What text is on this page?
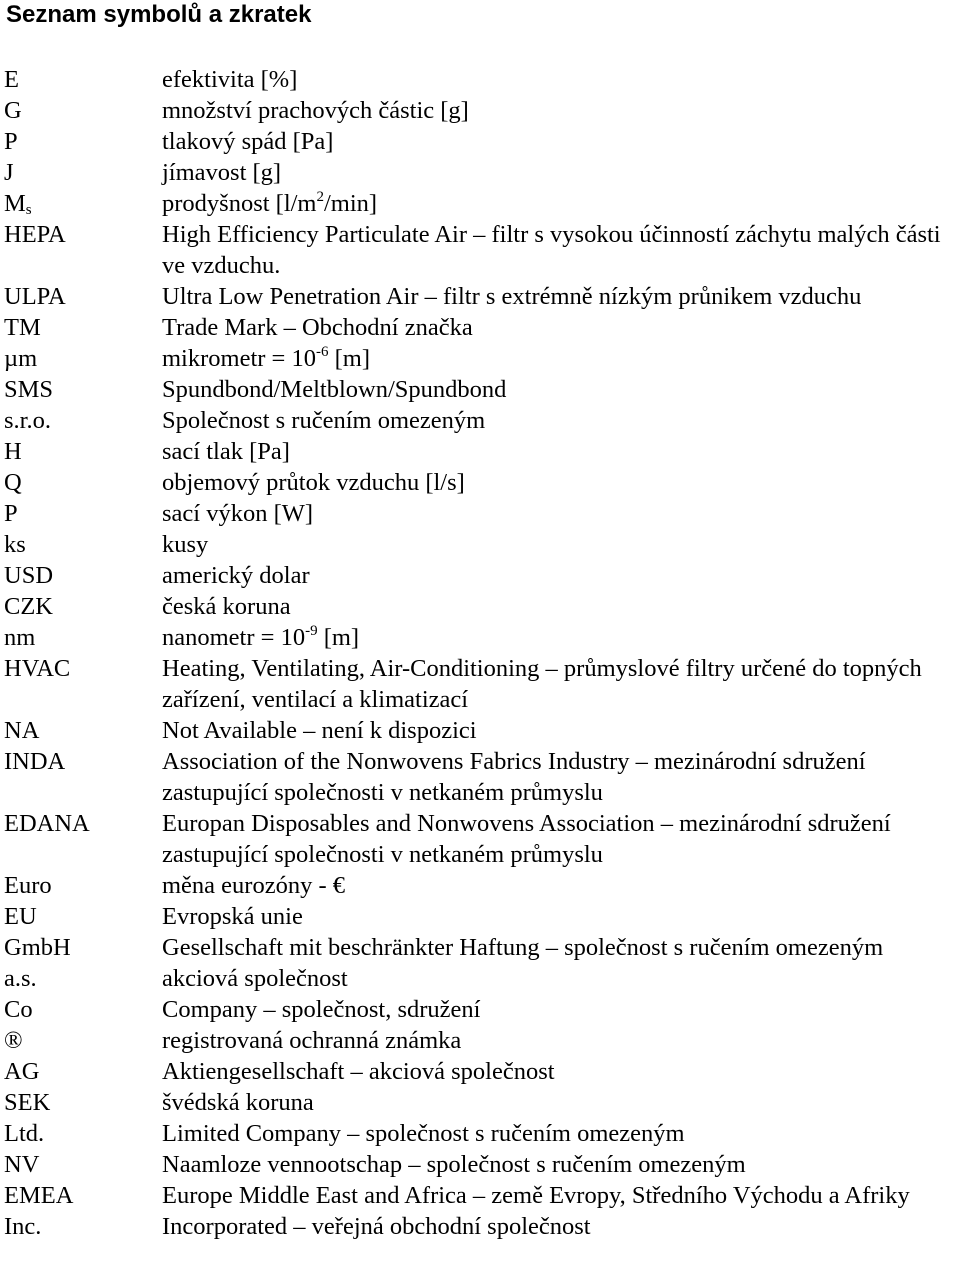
Seznam symbolů a zkratek
E	efektivita [%]
G	množství prachových částic [g]
P	tlakový spád [Pa]
J	jímavost [g]
$M_s$	prodyšnost $[l/m^2/\min]$
HEPA	High Efficiency Particulate Air – filtr s vysokou účinností záchytu malých části ve vzduchu.
ULPA	Ultra Low Penetration Air – filtr s extrémně nízkým průnikem vzduchu
TM	Trade Mark – Obchodní značka
µm	mikrometr = $10^{-6}$ [m]
SMS	Spundbond/Meltblown/Spundbond
s.r.o.	Společnost s ručením omezeným
H	sací tlak [Pa]
Q	objemový průtok vzduchu [l/s]
P	sací výkon [W]
ks	kusy
USD	americký dolar
CZK	česká koruna
nm	nanometr = $10^{-9}$ [m]
HVAC	Heating, Ventilating, Air-Conditioning – průmyslové filtry určené do topných zařízení, ventilací a klimatizací
NA	Not Available – není k dispozici
INDA	Association of the Nonwovens Fabrics Industry – mezinárodní sdružení zastupující společnosti v netkaném průmyslu
EDANA	Europan Disposables and Nonwovens Association – mezinárodní sdružení zastupující společnosti v netkaném průmyslu
Euro	měna eurozóny - €
EU	Evropská unie
GmbH	Gesellschaft mit beschränkter Haftung – společnost s ručením omezeným
a.s.	akciová společnost
Co	Company – společnost, sdružení
®	registrovaná ochranná známka
AG	Aktiengesellschaft – akciová společnost
SEK	švédská koruna
Ltd.	Limited Company – společnost s ručením omezeným
NV	Naamloze vennootschap – společnost s ručením omezeným
EMEA	Europe Middle East and Africa – země Evropy, Středního Východu a Afriky
Inc.	Incorporated – veřejná obchodní společnost
